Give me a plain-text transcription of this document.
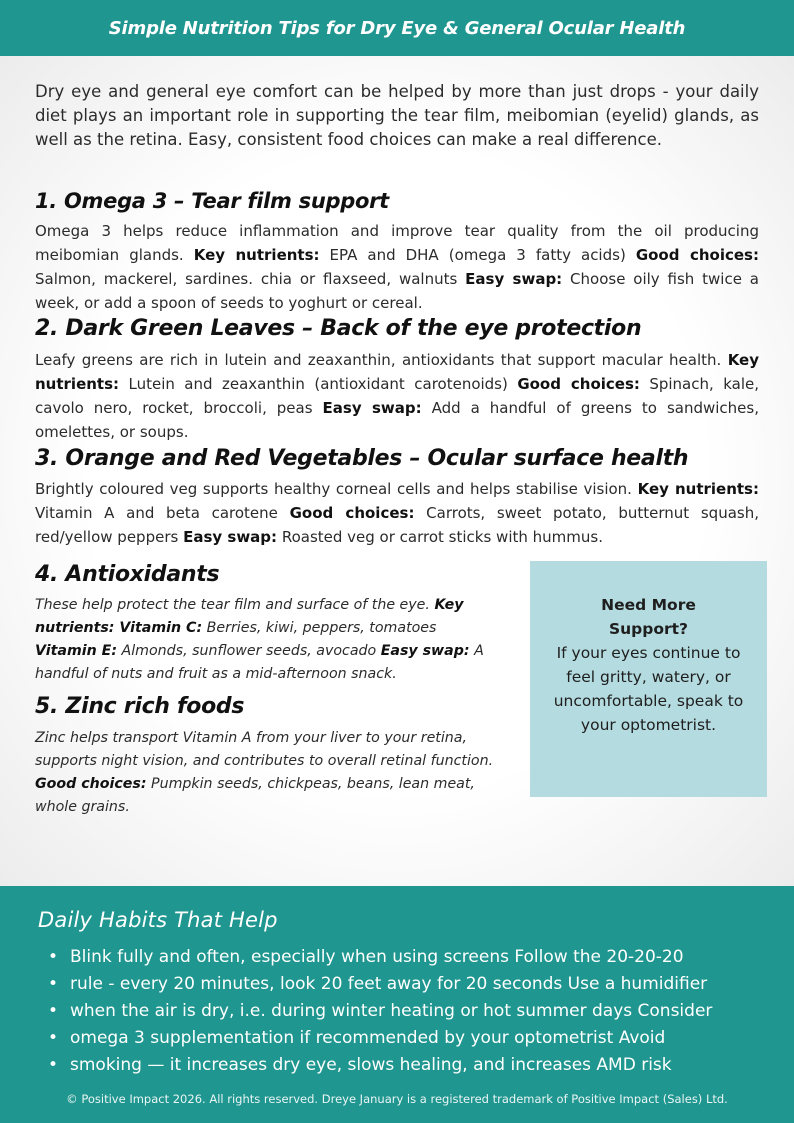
Simple Nutrition Tips for Dry Eye & General Ocular Health

Dry eye and general eye comfort can be helped by more than just drops - your daily diet plays an important role in supporting the tear film, meibomian (eyelid) glands, as well as the retina. Easy, consistent food choices can make a real difference.

1. Omega 3 – Tear film support

Omega 3 helps reduce inflammation and improve tear quality from the oil producing meibomian glands. Key nutrients: EPA and DHA (omega 3 fatty acids) Good choices: Salmon, mackerel, sardines. chia or flaxseed, walnuts Easy swap: Choose oily fish twice a week, or add a spoon of seeds to yoghurt or cereal.

2. Dark Green Leaves – Back of the eye protection

Leafy greens are rich in lutein and zeaxanthin, antioxidants that support macular health. Key nutrients: Lutein and zeaxanthin (antioxidant carotenoids) Good choices: Spinach, kale, cavolo nero, rocket, broccoli, peas Easy swap: Add a handful of greens to sandwiches, omelettes, or soups.

3. Orange and Red Vegetables – Ocular surface health

Brightly coloured veg supports healthy corneal cells and helps stabilise vision. Key nutrients: Vitamin A and beta carotene Good choices: Carrots, sweet potato, butternut squash, red/yellow peppers Easy swap: Roasted veg or carrot sticks with hummus.

4. Antioxidants

These help protect the tear film and surface of the eye. Key nutrients: Vitamin C: Berries, kiwi, peppers, tomatoes Vitamin E: Almonds, sunflower seeds, avocado Easy swap: A handful of nuts and fruit as a mid-afternoon snack.

5. Zinc rich foods

Zinc helps transport Vitamin A from your liver to your retina, supports night vision, and contributes to overall retinal function. Good choices: Pumpkin seeds, chickpeas, beans, lean meat, whole grains.

Need More Support?
If your eyes continue to feel gritty, watery, or uncomfortable, speak to your optometrist.
Daily Habits That Help
• Blink fully and often, especially when using screens Follow the 20-20-20
• rule - every 20 minutes, look 20 feet away for 20 seconds Use a humidifier
• when the air is dry, i.e. during winter heating or hot summer days Consider
• omega 3 supplementation if recommended by your optometrist Avoid
• smoking — it increases dry eye, slows healing, and increases AMD risk
© Positive Impact 2026. All rights reserved. Dreye January is a registered trademark of Positive Impact (Sales) Ltd.
